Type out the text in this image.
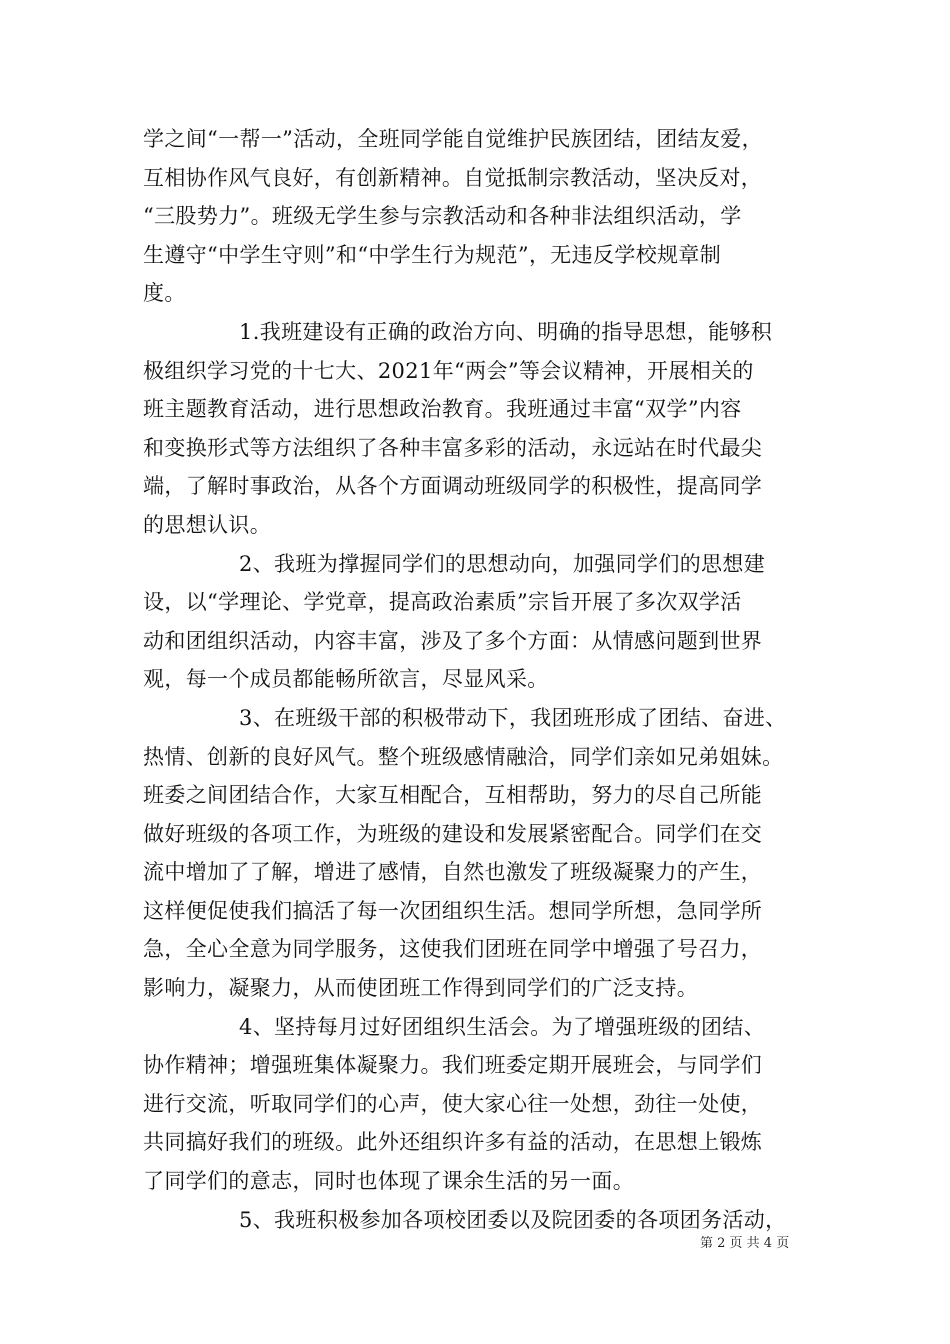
学之间“一帮一”活动，全班同学能自觉维护民族团结，团结友爱，
互相协作风气良好，有创新精神。自觉抵制宗教活动，坚决反对，
“三股势力”。班级无学生参与宗教活动和各种非法组织活动，学
生遵守“中学生守则”和“中学生行为规范”，无违反学校规章制
度。
1.我班建设有正确的政治方向、明确的指导思想，能够积
极组织学习党的十七大、2021年“两会”等会议精神，开展相关的
班主题教育活动，进行思想政治教育。我班通过丰富“双学”内容
和变换形式等方法组织了各种丰富多彩的活动，永远站在时代最尖
端，了解时事政治，从各个方面调动班级同学的积极性，提高同学
的思想认识。
2、我班为撑握同学们的思想动向，加强同学们的思想建
设，以“学理论、学党章，提高政治素质”宗旨开展了多次双学活
动和团组织活动，内容丰富，涉及了多个方面：从情感问题到世界
观，每一个成员都能畅所欲言，尽显风采。
3、在班级干部的积极带动下，我团班形成了团结、奋进、
热情、创新的良好风气。整个班级感情融洽，同学们亲如兄弟姐妹。
班委之间团结合作，大家互相配合，互相帮助，努力的尽自己所能
做好班级的各项工作，为班级的建设和发展紧密配合。同学们在交
流中增加了了解，增进了感情，自然也激发了班级凝聚力的产生，
这样便促使我们搞活了每一次团组织生活。想同学所想，急同学所
急，全心全意为同学服务，这使我们团班在同学中增强了号召力，
影响力，凝聚力，从而使团班工作得到同学们的广泛支持。
4、坚持每月过好团组织生活会。为了增强班级的团结、
协作精神；增强班集体凝聚力。我们班委定期开展班会，与同学们
进行交流，听取同学们的心声，使大家心往一处想，劲往一处使，
共同搞好我们的班级。此外还组织许多有益的活动，在思想上锻炼
了同学们的意志，同时也体现了课余生活的另一面。
5、我班积极参加各项校团委以及院团委的各项团务活动，
第 2 页 共 4 页
